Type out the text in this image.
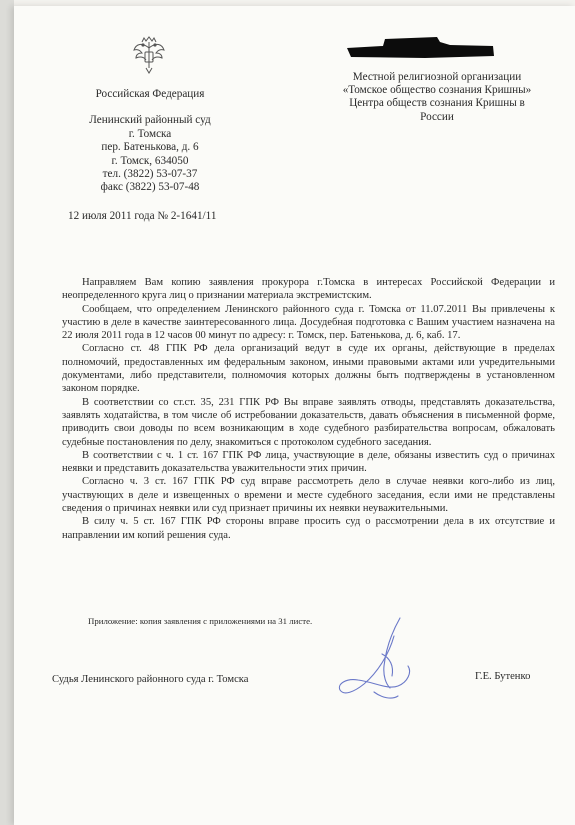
Российская Федерация
Ленинский районный суд
г. Томска
пер. Батенькова, д. 6
г. Томск, 634050
тел. (3822) 53-07-37
факс (3822) 53-07-48
12 июля 2011 года № 2-1641/11
Местной религиозной организации
«Томское общество сознания Кришны»
Центра обществ сознания Кришны в
России

Направляем Вам копию заявления прокурора г.Томска в интересах Российской Федерации и неопределенного круга лиц о признании материала экстремистским.

Сообщаем, что определением Ленинского районного суда г. Томска от 11.07.2011 Вы привлечены к участию в деле в качестве заинтересованного лица. Досудебная подготовка с Вашим участием назначена на 22 июля 2011 года в 12 часов 00 минут по адресу: г. Томск, пер. Батенькова, д. 6, каб. 17.

Согласно ст. 48 ГПК РФ дела организаций ведут в суде их органы, действующие в пределах полномочий, предоставленных им федеральным законом, иными правовыми актами или учредительными документами, либо представители, полномочия которых должны быть подтверждены в установленном законом порядке.

В соответствии со ст.ст. 35, 231 ГПК РФ Вы вправе заявлять отводы, представлять доказательства, заявлять ходатайства, в том числе об истребовании доказательств, давать объяснения в письменной форме, приводить свои доводы по всем возникающим в ходе судебного разбирательства вопросам, обжаловать судебные постановления по делу, знакомиться с протоколом судебного заседания.

В соответствии с ч. 1 ст. 167 ГПК РФ лица, участвующие в деле, обязаны известить суд о причинах неявки и представить доказательства уважительности этих причин.

Согласно ч. 3 ст. 167 ГПК РФ суд вправе рассмотреть дело в случае неявки кого-либо из лиц, участвующих в деле и извещенных о времени и месте судебного заседания, если ими не представлены сведения о причинах неявки или суд признает причины их неявки неуважительными.

В силу ч. 5 ст. 167 ГПК РФ стороны вправе просить суд о рассмотрении дела в их отсутствие и направлении им копий решения суда.

Приложение: копия заявления с приложениями на 31 листе.
Судья Ленинского районного суда г. Томска	Г.Е. Бутенко
